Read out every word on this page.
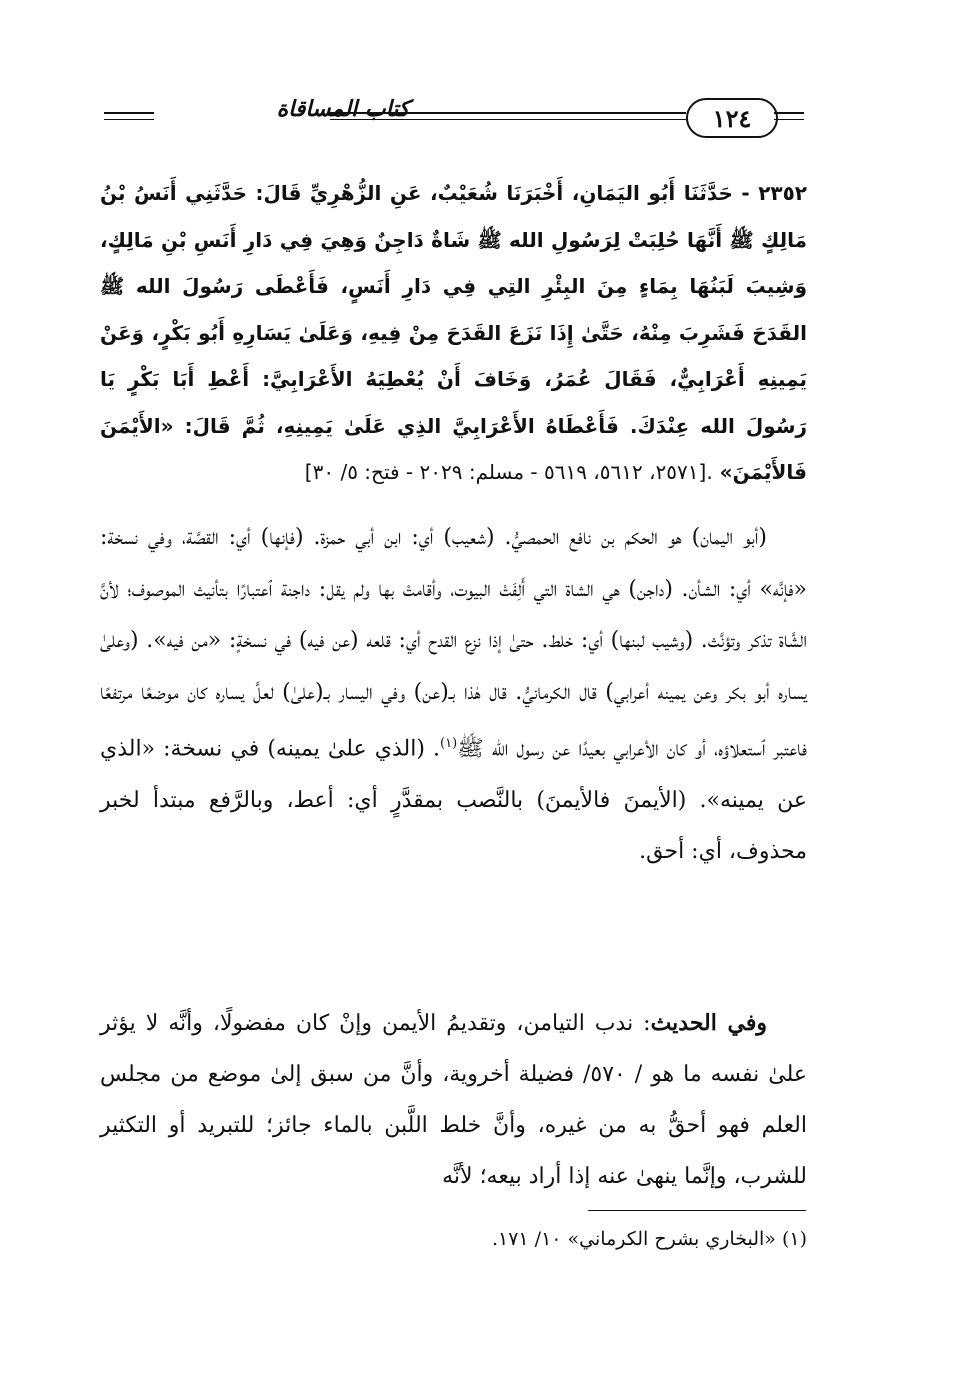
كتاب المساقاة	١٢٤
٢٣٥٢ - حَدَّثَنَا أَبُو اليَمَانِ، أَخْبَرَنَا شُعَيْبٌ، عَنِ الزُّهْرِيِّ قَالَ: حَدَّثَنِي أَنَسُ بْنُ مَالِكٍ ﷺ أَنَّهَا حُلِبَتْ لِرَسُولِ الله ﷺ شَاةٌ دَاجِنٌ وَهِيَ فِي دَارِ أَنَسِ بْنِ مَالِكٍ، وَشِيبَ لَبَنُهَا بِمَاءٍ مِنَ البِئْرِ التِي فِي دَارِ أَنَسٍ، فَأَعْطَى رَسُولَ الله ﷺ القَدَحَ فَشَرِبَ مِنْهُ، حَتَّىٰ إِذَا نَزَعَ القَدَحَ مِنْ فِيهِ، وَعَلَىٰ يَسَارِهِ أَبُو بَكْرٍ، وَعَنْ يَمِينِهِ أَعْرَابِيٌّ، فَقَالَ عُمَرُ، وَخَافَ أَنْ يُعْطِيَهُ الأَعْرَابِيَّ: أَعْطِ أَبَا بَكْرٍ يَا رَسُولَ الله عِنْدَكَ. فَأَعْطَاهُ الأَعْرَابِيَّ الذِي عَلَىٰ يَمِينِهِ، ثُمَّ قَالَ: «الأَيْمَنَ فَالأَيْمَنَ» .[٢٥٧١، ٥٦١٢، ٥٦١٩ - مسلم: ٢٠٢٩ - فتح: ٥/ ٣٠]
(أبو اليمان) هو الحكم بن نافع الحمصيُّ. (شعيب) أي: ابن أبي حمزة. (فإنها) أي: القصَّة، وفي نسخة: «فإنَّه» أي: الشأن. (داجن) هي الشاة التي أَلِفَتْ البيوت، وأقامتْ بها ولم يقل: داجنة ٱعتبارًا بتأنيث الموصوف؛ لأنَّ الشَّاة تذكر وتؤنَّث. (وشيب لبنها) أي: خلط. حتىٰ إذا نزع القدح أي: قلعه (عن فيه) في نسخةٍ: «من فيه». (وعلىٰ يساره أبو بكر وعن يمينه أعرابي) قال الكرمانيُّ. قال هٰذا بـ(عن) وفي اليسار بـ(علىٰ) لعلَّ يساره كان موضعًا مرتفعًا فاعتبر ٱستعلاؤه، أو كان الأعرابي بعيدًا عن رسول الله ﷺ$^{(١)}$. (الذي علىٰ يمينه) في نسخة: «الذي عن يمينه». (الأيمنَ فالأيمنَ) بالنَّصب بمقدَّرٍ أي: أعط، وبالرَّفع مبتدأ لخبر محذوف، أي: أحق.
وفي الحديث: ندب التيامن، وتقديمُ الأيمن وإنْ كان مفضولًا، وأنَّه لا يؤثر علىٰ نفسه ما هو / ٥٧٠/ فضيلة أخروية، وأنَّ من سبق إلىٰ موضع من مجلس العلم فهو أحقُّ به من غيره، وأنَّ خلط اللَّبن بالماء جائز؛ للتبريد أو التكثير للشرب، وإنَّما ينهىٰ عنه إذا أراد بيعه؛ لأنَّه
(١) «البخاري بشرح الكرماني» ١٠/ ١٧١.
